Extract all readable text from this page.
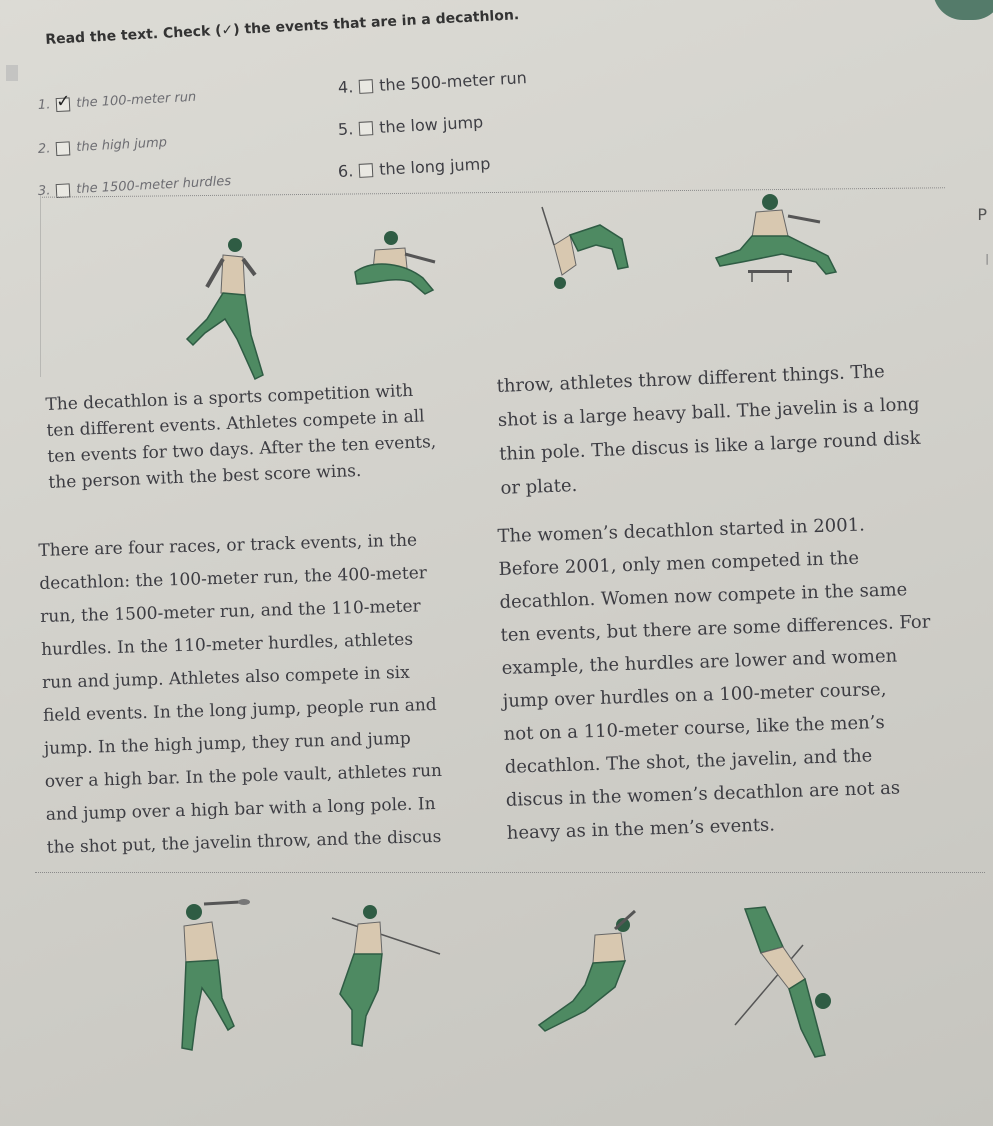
P
|
Read the text. Check (✓) the events that are in a decathlon.
1.
✓ the 100-meter run
2. the high jump
3. the 1500-meter hurdles
4. the 500-meter run
5. the low jump
6. the long jump
The decathlon is a sports competition with
ten different events. Athletes compete in all
ten events for two days. After the ten events,
the person with the best score wins.
There are four races, or track events, in the
decathlon: the 100-meter run, the 400-meter
run, the 1500-meter run, and the 110-meter
hurdles. In the 110-meter hurdles, athletes
run and jump. Athletes also compete in six
field events. In the long jump, people run and
jump. In the high jump, they run and jump
over a high bar. In the pole vault, athletes run
and jump over a high bar with a long pole. In
the shot put, the javelin throw, and the discus
throw, athletes throw different things. The
shot is a large heavy ball. The javelin is a long
thin pole. The discus is like a large round disk
or plate.
The women’s decathlon started in 2001.
Before 2001, only men competed in the
decathlon. Women now compete in the same
ten events, but there are some differences. For
example, the hurdles are lower and women
jump over hurdles on a 100-meter course,
not on a 110-meter course, like the men’s
decathlon. The shot, the javelin, and the
discus in the women’s decathlon are not as
heavy as in the men’s events.
